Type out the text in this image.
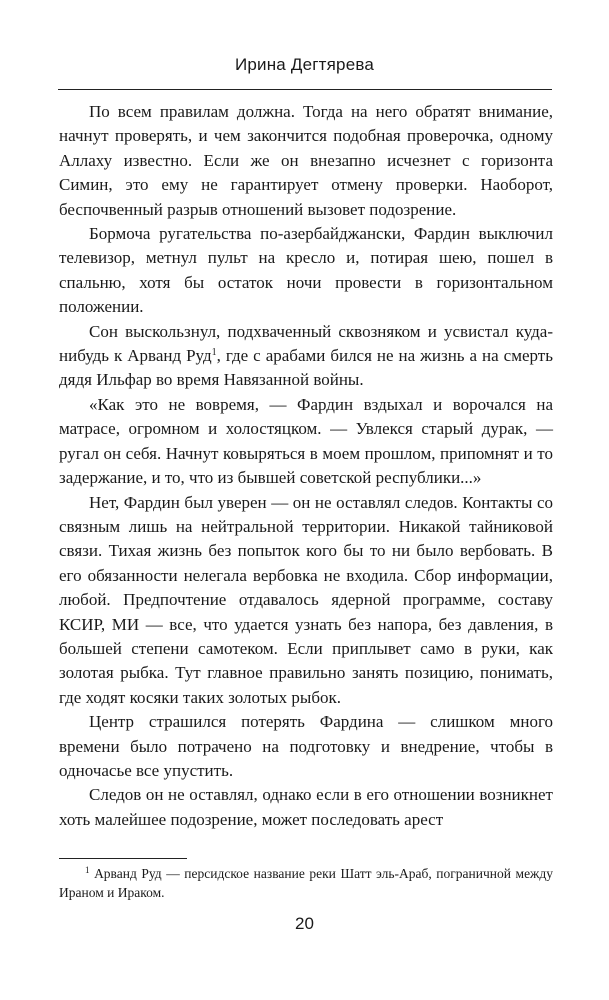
Ирина Дегтярева

По всем правилам должна. Тогда на него обратят внимание, начнут проверять, и чем закончится подобная проверочка, одному Аллаху известно. Если же он внезапно исчезнет с горизонта Симин, это ему не гарантирует отмену проверки. Наоборот, беспочвенный разрыв отношений вызовет подозрение.

Бормоча ругательства по-азербайджански, Фардин выключил телевизор, метнул пульт на кресло и, потирая шею, пошел в спальню, хотя бы остаток ночи провести в горизонтальном положении.

Сон выскользнул, подхваченный сквозняком и усвистал куда-нибудь к Арванд Руд$^1$, где с арабами бился не на жизнь а на смерть дядя Ильфар во время Навязанной войны.

«Как это не вовремя, — Фардин вздыхал и ворочался на матрасе, огромном и холостяцком. — Увлекся старый дурак, — ругал он себя. Начнут ковыряться в моем прошлом, припомнят и то задержание, и то, что из бывшей советской республики...»

Нет, Фардин был уверен — он не оставлял следов. Контакты со связным лишь на нейтральной территории. Никакой тайниковой связи. Тихая жизнь без попыток кого бы то ни было вербовать. В его обязанности нелегала вербовка не входила. Сбор информации, любой. Предпочтение отдавалось ядерной программе, составу КСИР, МИ — все, что удается узнать без напора, без давления, в большей степени самотеком. Если приплывет само в руки, как золотая рыбка. Тут главное правильно занять позицию, понимать, где ходят косяки таких золотых рыбок.

Центр страшился потерять Фардина — слишком много времени было потрачено на подготовку и внедрение, чтобы в одночасье все упустить.

Следов он не оставлял, однако если в его отношении возникнет хоть малейшее подозрение, может последовать арест

$^1$ Арванд Руд — персидское название реки Шатт эль-Араб, пограничной между Ираном и Ираком.

20
